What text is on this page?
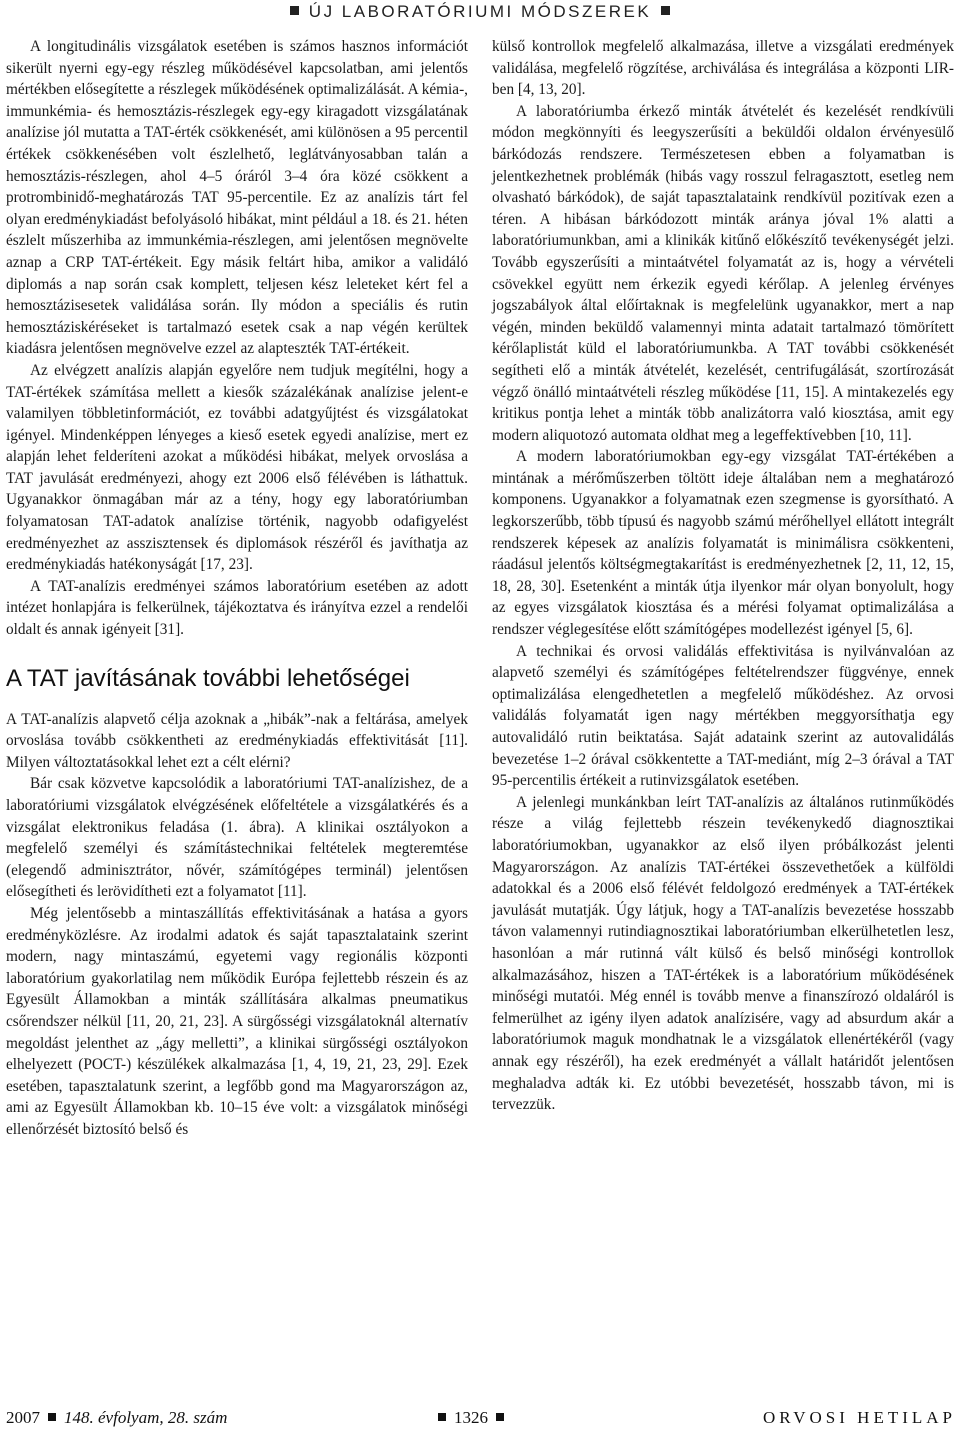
ÚJ LABORATÓRIUMI MÓDSZEREK

A longitudinális vizsgálatok esetében is számos hasznos információt sikerült nyerni egy-egy részleg működésével kapcsolatban, ami jelentős mértékben elősegítette a részlegek működésének optimalizálását. A kémia-, immunkémia- és hemosztázis-részlegek egy-egy kiragadott vizsgálatának analízise jól mutatta a TAT-érték csökkenését, ami különösen a 95 percentil értékek csökkenésében volt észlelhető, leglátványosabban talán a hemosztázis-részlegen, ahol 4–5 óráról 3–4 óra közé csökkent a protrombinidő-meghatározás TAT 95-percentile. Ez az analízis tárt fel olyan eredménykiadást befolyásoló hibákat, mint például a 18. és 21. héten észlelt műszerhiba az immunkémia-részlegen, ami jelentősen megnövelte aznap a CRP TAT-értékeit. Egy másik feltárt hiba, amikor a validáló diplomás a nap során csak komplett, teljesen kész leleteket kért fel a hemosztázisesetek validálása során. Ily módon a speciális és rutin hemosztáziskéréseket is tartalmazó esetek csak a nap végén kerültek kiadásra jelentősen megnövelve ezzel az alapteszték TAT-értékeit.

Az elvégzett analízis alapján egyelőre nem tudjuk megítélni, hogy a TAT-értékek számítása mellett a kiesők százalékának analízise jelent-e valamilyen többletinformációt, ez további adatgyűjtést és vizsgálatokat igényel. Mindenképpen lényeges a kieső esetek egyedi analízise, mert ez alapján lehet felderíteni azokat a működési hibákat, melyek orvoslása a TAT javulását eredményezi, ahogy ezt 2006 első félévében is láthattuk. Ugyanakkor önmagában már az a tény, hogy egy laboratóriumban folyamatosan TAT-adatok analízise történik, nagyobb odafigyelést eredményezhet az asszisztensek és diplomások részéről és javíthatja az eredménykiadás hatékonyságát [17, 23].

A TAT-analízis eredményei számos laboratórium esetében az adott intézet honlapjára is felkerülnek, tájékoztatva és irányítva ezzel a rendelői oldalt és annak igényeit [31].

A TAT javításának további lehetőségei

A TAT-analízis alapvető célja azoknak a „hibák”-nak a feltárása, amelyek orvoslása tovább csökkentheti az eredménykiadás effektivitását [11]. Milyen változtatásokkal lehet ezt a célt elérni?

Bár csak közvetve kapcsolódik a laboratóriumi TAT-analízishez, de a laboratóriumi vizsgálatok elvégzésének előfeltétele a vizsgálatkérés és a vizsgálat elektronikus feladása (1. ábra). A klinikai osztályokon a megfelelő személyi és számítástechnikai feltételek megteremtése (elegendő adminisztrátor, nővér, számítógépes terminál) jelentősen elősegítheti és lerövidítheti ezt a folyamatot [11].

Még jelentősebb a mintaszállítás effektivitásának a hatása a gyors eredményközlésre. Az irodalmi adatok és saját tapasztalataink szerint modern, nagy mintaszámú, egyetemi vagy regionális központi laboratórium gyakorlatilag nem működik Európa fejlettebb részein és az Egyesült Államokban a minták szállítására alkalmas pneumatikus csőrendszer nélkül [11, 20, 21, 23]. A sürgősségi vizsgálatoknál alternatív megoldást jelenthet az „ágy melletti”, a klinikai sürgősségi osztályokon elhelyezett (POCT-) készülékek alkalmazása [1, 4, 19, 21, 23, 29]. Ezek esetében, tapasztalatunk szerint, a legfőbb gond ma Magyarországon az, ami az Egyesült Államokban kb. 10–15 éve volt: a vizsgálatok minőségi ellenőrzését biztosító belső és

külső kontrollok megfelelő alkalmazása, illetve a vizsgálati eredmények validálása, megfelelő rögzítése, archiválása és integrálása a központi LIR-ben [4, 13, 20].

A laboratóriumba érkező minták átvételét és kezelését rendkívüli módon megkönnyíti és leegyszerűsíti a beküldői oldalon érvényesülő bárkódozás rendszere. Természetesen ebben a folyamatban is jelentkezhetnek problémák (hibás vagy rosszul felragasztott, esetleg nem olvasható bárkódok), de saját tapasztalataink rendkívül pozitívak ezen a téren. A hibásan bárkódozott minták aránya jóval 1% alatti a laboratóriumunkban, ami a klinikák kitűnő előkészítő tevékenységét jelzi. Tovább egyszerűsíti a mintaátvétel folyamatát az is, hogy a vérvételi csövekkel együtt nem érkezik egyedi kérőlap. A jelenleg érvényes jogszabályok által előírtaknak is megfelelünk ugyanakkor, mert a nap végén, minden beküldő valamennyi minta adatait tartalmazó tömörített kérőlaplistát küld el laboratóriumunkba. A TAT további csökkenését segítheti elő a minták átvételét, kezelését, centrifugálását, szortírozását végző önálló mintaátvételi részleg működése [11, 15]. A mintakezelés egy kritikus pontja lehet a minták több analizátorra való kiosztása, amit egy modern aliquotozó automata oldhat meg a legeffektívebben [10, 11].

A modern laboratóriumokban egy-egy vizsgálat TAT-értékében a mintának a mérőműszerben töltött ideje általában nem a meghatározó komponens. Ugyanakkor a folyamatnak ezen szegmense is gyorsítható. A legkorszerűbb, több típusú és nagyobb számú mérőhellyel ellátott integrált rendszerek képesek az analízis folyamatát is minimálisra csökkenteni, ráadásul jelentős költségmegtakarítást is eredményezhetnek [2, 11, 12, 15, 18, 28, 30]. Esetenként a minták útja ilyenkor már olyan bonyolult, hogy az egyes vizsgálatok kiosztása és a mérési folyamat optimalizálása a rendszer véglegesítése előtt számítógépes modellezést igényel [5, 6].

A technikai és orvosi validálás effektivitása is nyilvánvalóan az alapvető személyi és számítógépes feltételrendszer függvénye, ennek optimalizálása elengedhetetlen a megfelelő működéshez. Az orvosi validálás folyamatát igen nagy mértékben meggyorsíthatja egy autovalidáló rutin beiktatása. Saját adataink szerint az autovalidálás bevezetése 1–2 órával csökkentette a TAT-mediánt, míg 2–3 órával a TAT 95-percentilis értékeit a rutinvizsgálatok esetében.

A jelenlegi munkánkban leírt TAT-analízis az általános rutinműködés része a világ fejlettebb részein tevékenykedő diagnosztikai laboratóriumokban, ugyanakkor az első ilyen próbálkozást jelenti Magyarországon. Az analízis TAT-értékei összevethetőek a külföldi adatokkal és a 2006 első félévét feldolgozó eredmények a TAT-értékek javulását mutatják. Úgy látjuk, hogy a TAT-analízis bevezetése hosszabb távon valamennyi rutindiagnosztikai laboratóriumban elkerülhetetlen lesz, hasonlóan a már rutinná vált külső és belső minőségi kontrollok alkalmazásához, hiszen a TAT-értékek is a laboratórium működésének minőségi mutatói. Még ennél is tovább menve a finanszírozó oldaláról is felmerülhet az igény ilyen adatok analízisére, vagy ad absurdum akár a laboratóriumok maguk mondhatnak le a vizsgálatok ellenértékéről (vagy annak egy részéről), ha ezek eredményét a vállalt határidőt jelentősen meghaladva adták ki. Ez utóbbi bevezetését, hosszabb távon, mi is tervezzük.

2007 148. évfolyam, 28. szám	1326	ORVOSI HETILAP
